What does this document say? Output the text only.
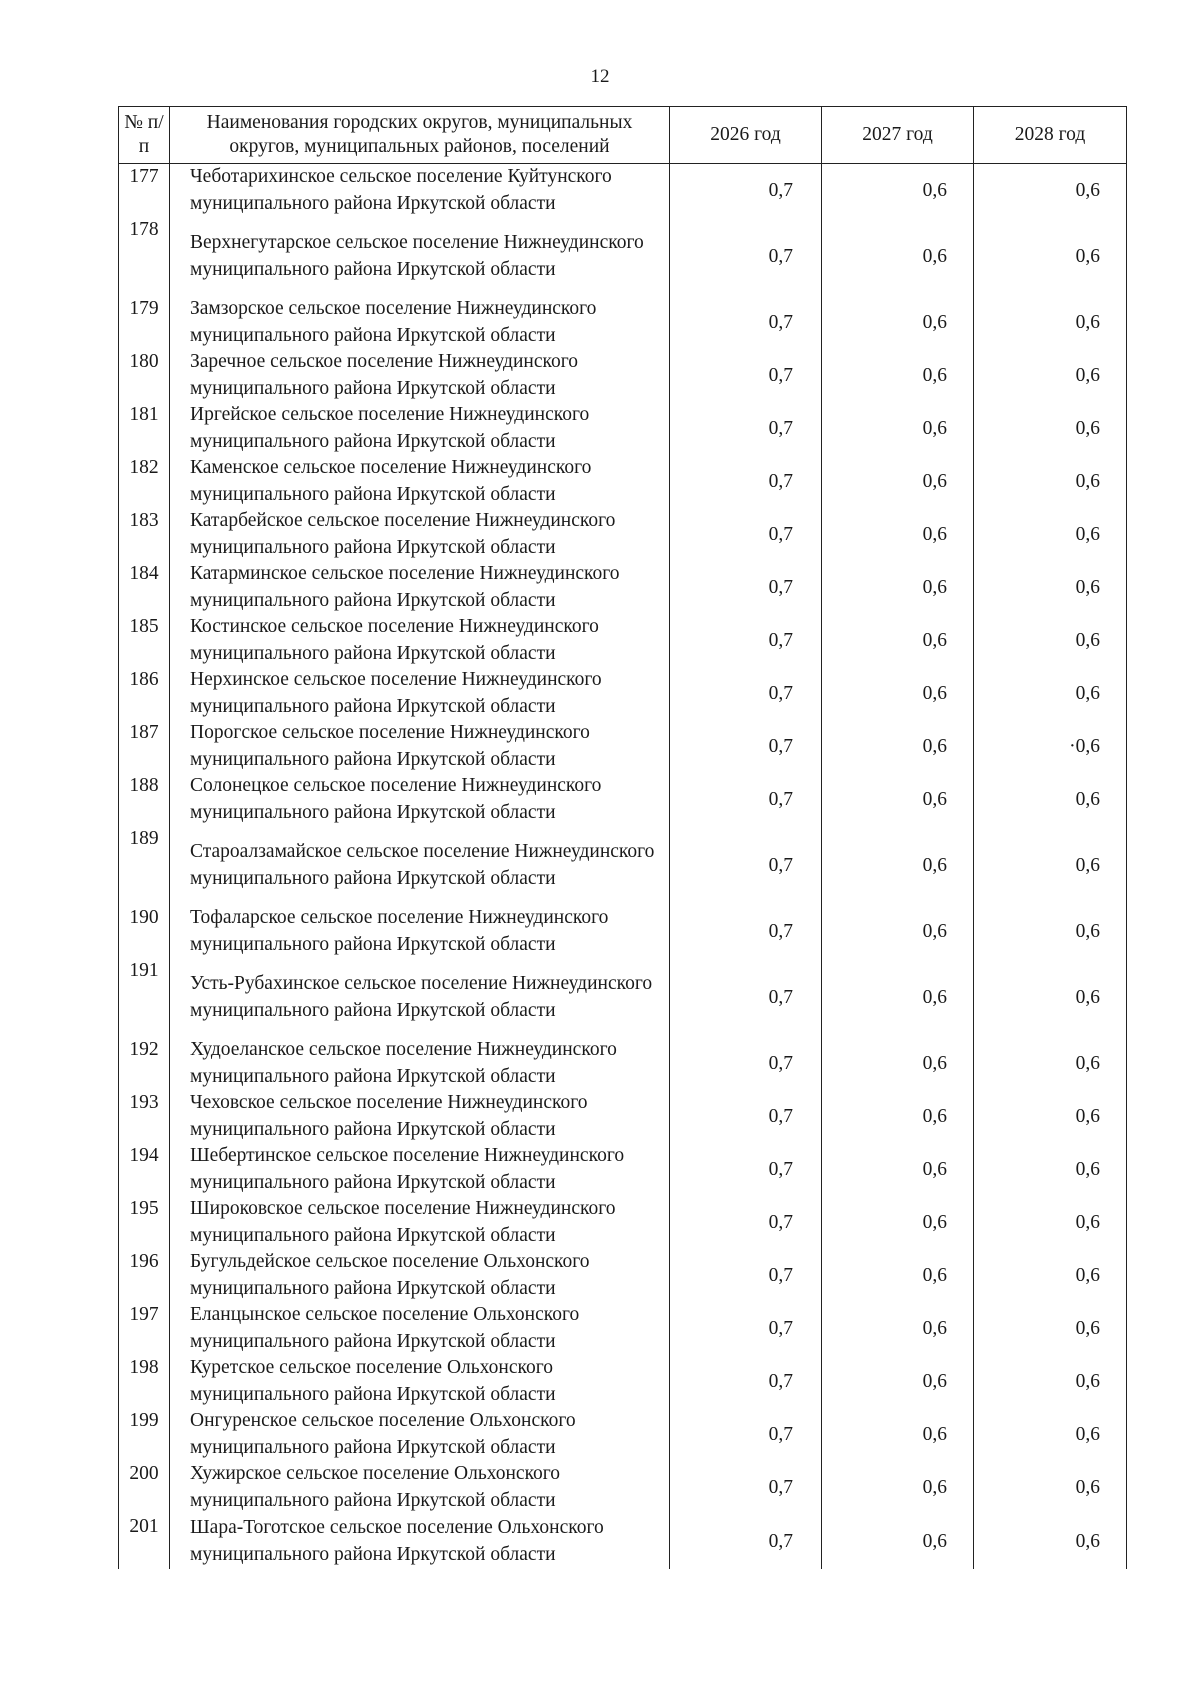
12
№ п/п	Наименования городских округов, муниципальных округов, муниципальных районов, поселений	2026 год	2027 год	2028 год
177	Чеботарихинское сельское поселение Куйтунского муниципального района Иркутской области	0,7	0,6	0,6
178	Верхнегутарское сельское поселение Нижнеудинского муниципального района Иркутской области	0,7	0,6	0,6
179	Замзорское сельское поселение Нижнеудинского муниципального района Иркутской области	0,7	0,6	0,6
180	Заречное сельское поселение Нижнеудинского муниципального района Иркутской области	0,7	0,6	0,6
181	Иргейское сельское поселение Нижнеудинского муниципального района Иркутской области	0,7	0,6	0,6
182	Каменское сельское поселение Нижнеудинского муниципального района Иркутской области	0,7	0,6	0,6
183	Катарбейское сельское поселение Нижнеудинского муниципального района Иркутской области	0,7	0,6	0,6
184	Катарминское сельское поселение Нижнеудинского муниципального района Иркутской области	0,7	0,6	0,6
185	Костинское сельское поселение Нижнеудинского муниципального района Иркутской области	0,7	0,6	0,6
186	Нерхинское сельское поселение Нижнеудинского муниципального района Иркутской области	0,7	0,6	0,6
187	Порогское сельское поселение Нижнеудинского муниципального района Иркутской области	0,7	0,6	·0,6
188	Солонецкое сельское поселение Нижнеудинского муниципального района Иркутской области	0,7	0,6	0,6
189	Староалзамайское сельское поселение Нижнеудинского муниципального района Иркутской области	0,7	0,6	0,6
190	Тофаларское сельское поселение Нижнеудинского муниципального района Иркутской области	0,7	0,6	0,6
191	Усть-Рубахинское сельское поселение Нижнеудинского муниципального района Иркутской области	0,7	0,6	0,6
192	Худоеланское сельское поселение Нижнеудинского муниципального района Иркутской области	0,7	0,6	0,6
193	Чеховское сельское поселение Нижнеудинского муниципального района Иркутской области	0,7	0,6	0,6
194	Шебертинское сельское поселение Нижнеудинского муниципального района Иркутской области	0,7	0,6	0,6
195	Широковское сельское поселение Нижнеудинского муниципального района Иркутской области	0,7	0,6	0,6
196	Бугульдейское сельское поселение Ольхонского муниципального района Иркутской области	0,7	0,6	0,6
197	Еланцынское сельское поселение Ольхонского муниципального района Иркутской области	0,7	0,6	0,6
198	Куретское сельское поселение Ольхонского муниципального района Иркутской области	0,7	0,6	0,6
199	Онгуренское сельское поселение Ольхонского муниципального района Иркутской области	0,7	0,6	0,6
200	Хужирское сельское поселение Ольхонского муниципального района Иркутской области	0,7	0,6	0,6
201	Шара-Тоготское сельское поселение Ольхонского муниципального района Иркутской области	0,7	0,6	0,6
